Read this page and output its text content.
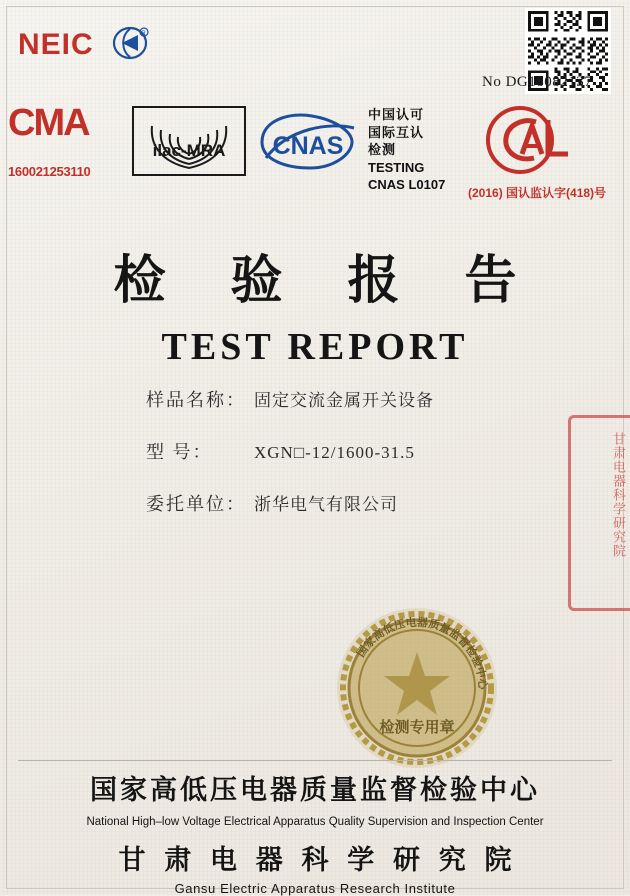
NEIC	R
No DG18082137
CMA
160021253110
ilac-MRA CNAS
中国认可
国际互认
检测
TESTING
CNAS L0107
(2016) 国认监认字(418)号
检 验 报 告
TEST REPORT
样品名称： 固定交流金属开关设备
型 号：	XGN□-12/1600-31.5
委托单位： 浙华电气有限公司	甘肃电器科学研究院
国家高低压电器质量监督检验中心
检测专用章
国家高低压电器质量监督检验中心
National High–low Voltage Electrical Apparatus Quality Supervision and Inspection Center
甘 肃 电 器 科 学 研 究 院
Gansu Electric Apparatus Research Institute
